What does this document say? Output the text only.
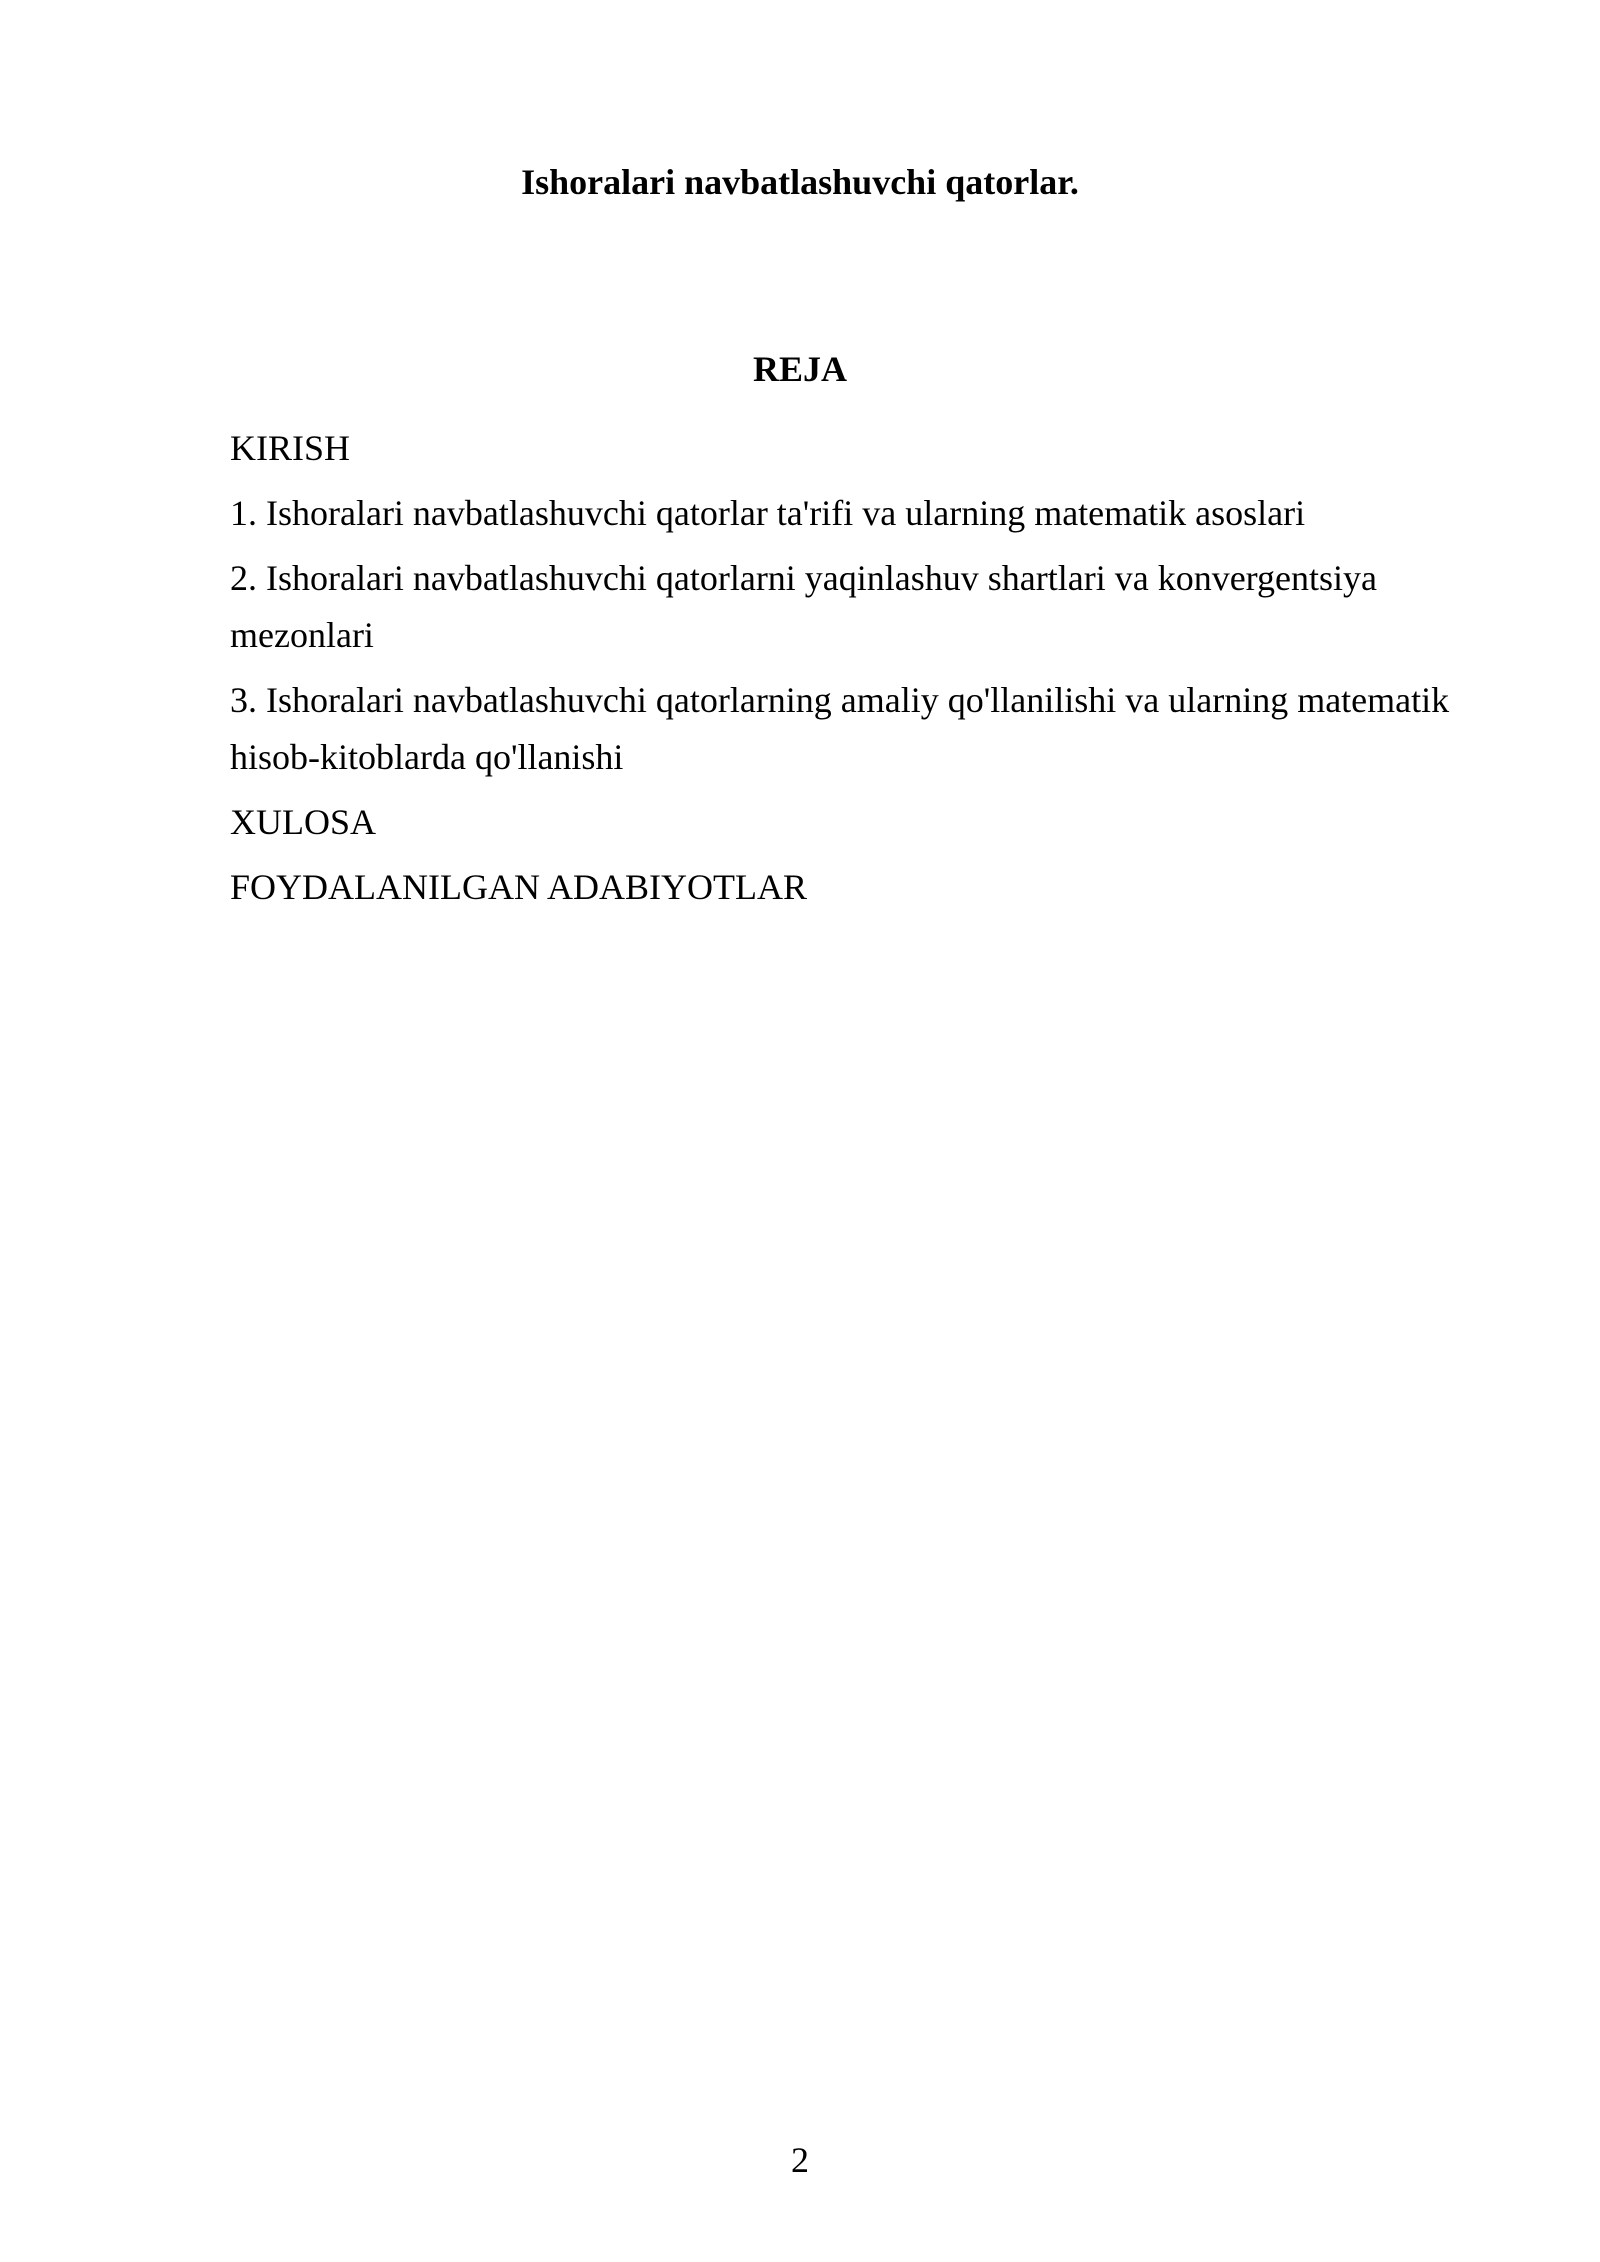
Ishoralari navbatlashuvchi qatorlar.
REJA
KIRISH
1. Ishoralari navbatlashuvchi qatorlar ta'rifi va ularning matematik asoslari
2. Ishoralari navbatlashuvchi qatorlarni yaqinlashuv shartlari va konvergentsiya mezonlari
3. Ishoralari navbatlashuvchi qatorlarning amaliy qo'llanilishi va ularning matematik hisob-kitoblarda qo'llanishi
XULOSA
FOYDALANILGAN ADABIYOTLAR
2
